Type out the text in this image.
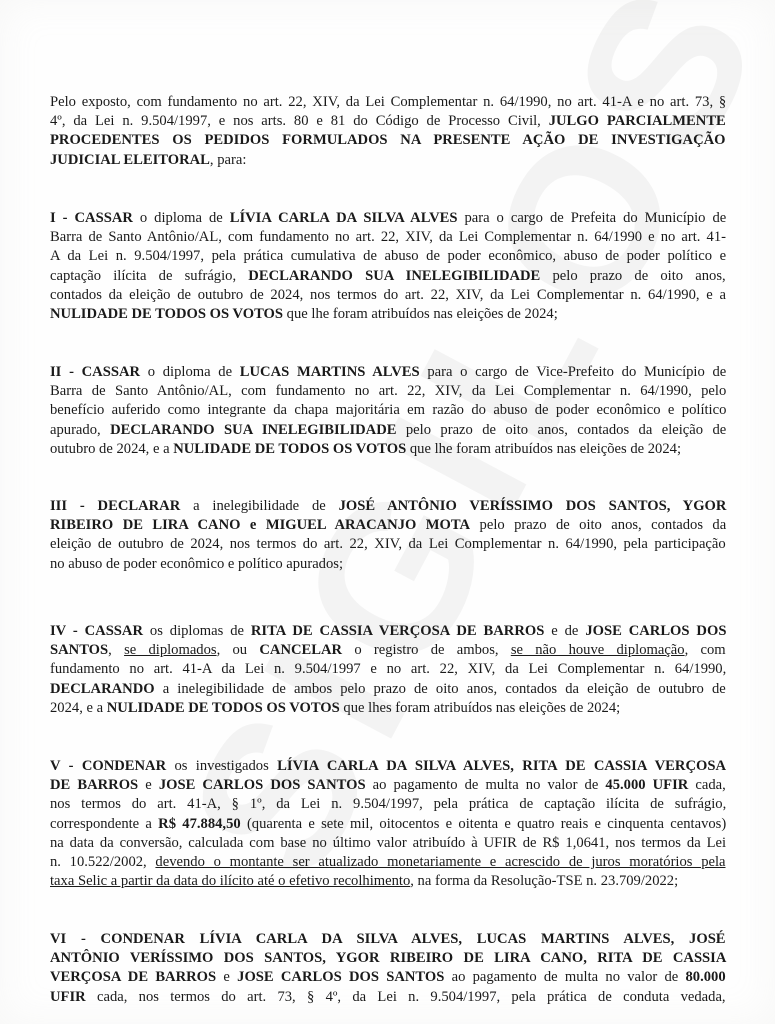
Pelo exposto, com fundamento no art. 22, XIV, da Lei Complementar n. 64/1990, no art. 41-A e no art. 73, §
4º, da Lei n. 9.504/1997, e nos arts. 80 e 81 do Código de Processo Civil, JULGO PARCIALMENTE
PROCEDENTES OS PEDIDOS FORMULADOS NA PRESENTE AÇÃO DE INVESTIGAÇÃO
JUDICIAL ELEITORAL, para:
I - CASSAR o diploma de LÍVIA CARLA DA SILVA ALVES para o cargo de Prefeita do Município de
Barra de Santo Antônio/AL, com fundamento no art. 22, XIV, da Lei Complementar n. 64/1990 e no art. 41-
A da Lei n. 9.504/1997, pela prática cumulativa de abuso de poder econômico, abuso de poder político e
captação ilícita de sufrágio, DECLARANDO SUA INELEGIBILIDADE pelo prazo de oito anos,
contados da eleição de outubro de 2024, nos termos do art. 22, XIV, da Lei Complementar n. 64/1990, e a
NULIDADE DE TODOS OS VOTOS que lhe foram atribuídos nas eleições de 2024;
II - CASSAR o diploma de LUCAS MARTINS ALVES para o cargo de Vice-Prefeito do Município de
Barra de Santo Antônio/AL, com fundamento no art. 22, XIV, da Lei Complementar n. 64/1990, pelo
benefício auferido como integrante da chapa majoritária em razão do abuso de poder econômico e político
apurado, DECLARANDO SUA INELEGIBILIDADE pelo prazo de oito anos, contados da eleição de
outubro de 2024, e a NULIDADE DE TODOS OS VOTOS que lhe foram atribuídos nas eleições de 2024;
III - DECLARAR a inelegibilidade de JOSÉ ANTÔNIO VERÍSSIMO DOS SANTOS, YGOR
RIBEIRO DE LIRA CANO e MIGUEL ARACANJO MOTA pelo prazo de oito anos, contados da
eleição de outubro de 2024, nos termos do art. 22, XIV, da Lei Complementar n. 64/1990, pela participação
no abuso de poder econômico e político apurados;
IV - CASSAR os diplomas de RITA DE CASSIA VERÇOSA DE BARROS e de JOSE CARLOS DOS
SANTOS, se diplomados, ou CANCELAR o registro de ambos, se não houve diplomação, com
fundamento no art. 41-A da Lei n. 9.504/1997 e no art. 22, XIV, da Lei Complementar n. 64/1990,
DECLARANDO a inelegibilidade de ambos pelo prazo de oito anos, contados da eleição de outubro de
2024, e a NULIDADE DE TODOS OS VOTOS que lhes foram atribuídos nas eleições de 2024;
V - CONDENAR os investigados LÍVIA CARLA DA SILVA ALVES, RITA DE CASSIA VERÇOSA
DE BARROS e JOSE CARLOS DOS SANTOS ao pagamento de multa no valor de 45.000 UFIR cada,
nos termos do art. 41-A, § 1º, da Lei n. 9.504/1997, pela prática de captação ilícita de sufrágio,
correspondente a R$ 47.884,50 (quarenta e sete mil, oitocentos e oitenta e quatro reais e cinquenta centavos)
na data da conversão, calculada com base no último valor atribuído à UFIR de R$ 1,0641, nos termos da Lei
n. 10.522/2002, devendo o montante ser atualizado monetariamente e acrescido de juros moratórios pela
taxa Selic a partir da data do ilícito até o efetivo recolhimento, na forma da Resolução-TSE n. 23.709/2022;
VI - CONDENAR LÍVIA CARLA DA SILVA ALVES, LUCAS MARTINS ALVES, JOSÉ
ANTÔNIO VERÍSSIMO DOS SANTOS, YGOR RIBEIRO DE LIRA CANO, RITA DE CASSIA
VERÇOSA DE BARROS e JOSE CARLOS DOS SANTOS ao pagamento de multa no valor de 80.000
UFIR cada, nos termos do art. 73, § 4º, da Lei n. 9.504/1997, pela prática de conduta vedada,
